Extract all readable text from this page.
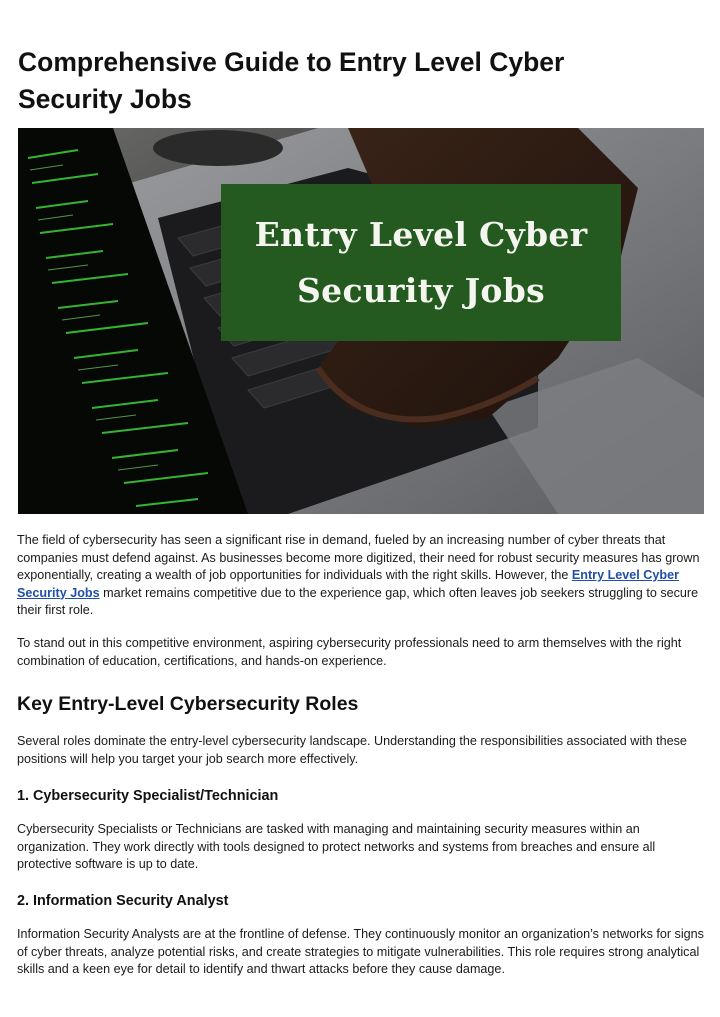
Comprehensive Guide to Entry Level Cyber Security Jobs
Entry Level Cyber
Security Jobs

The field of cybersecurity has seen a significant rise in demand, fueled by an increasing number of cyber threats that companies must defend against. As businesses become more digitized, their need for robust security measures has grown exponentially, creating a wealth of job opportunities for individuals with the right skills. However, the Entry Level Cyber Security Jobs market remains competitive due to the experience gap, which often leaves job seekers struggling to secure their first role.

To stand out in this competitive environment, aspiring cybersecurity professionals need to arm themselves with the right combination of education, certifications, and hands-on experience.

Key Entry-Level Cybersecurity Roles

Several roles dominate the entry-level cybersecurity landscape. Understanding the responsibilities associated with these positions will help you target your job search more effectively.

1. Cybersecurity Specialist/Technician

Cybersecurity Specialists or Technicians are tasked with managing and maintaining security measures within an organization. They work directly with tools designed to protect networks and systems from breaches and ensure all protective software is up to date.

2. Information Security Analyst

Information Security Analysts are at the frontline of defense. They continuously monitor an organization’s networks for signs of cyber threats, analyze potential risks, and create strategies to mitigate vulnerabilities. This role requires strong analytical skills and a keen eye for detail to identify and thwart attacks before they cause damage.
